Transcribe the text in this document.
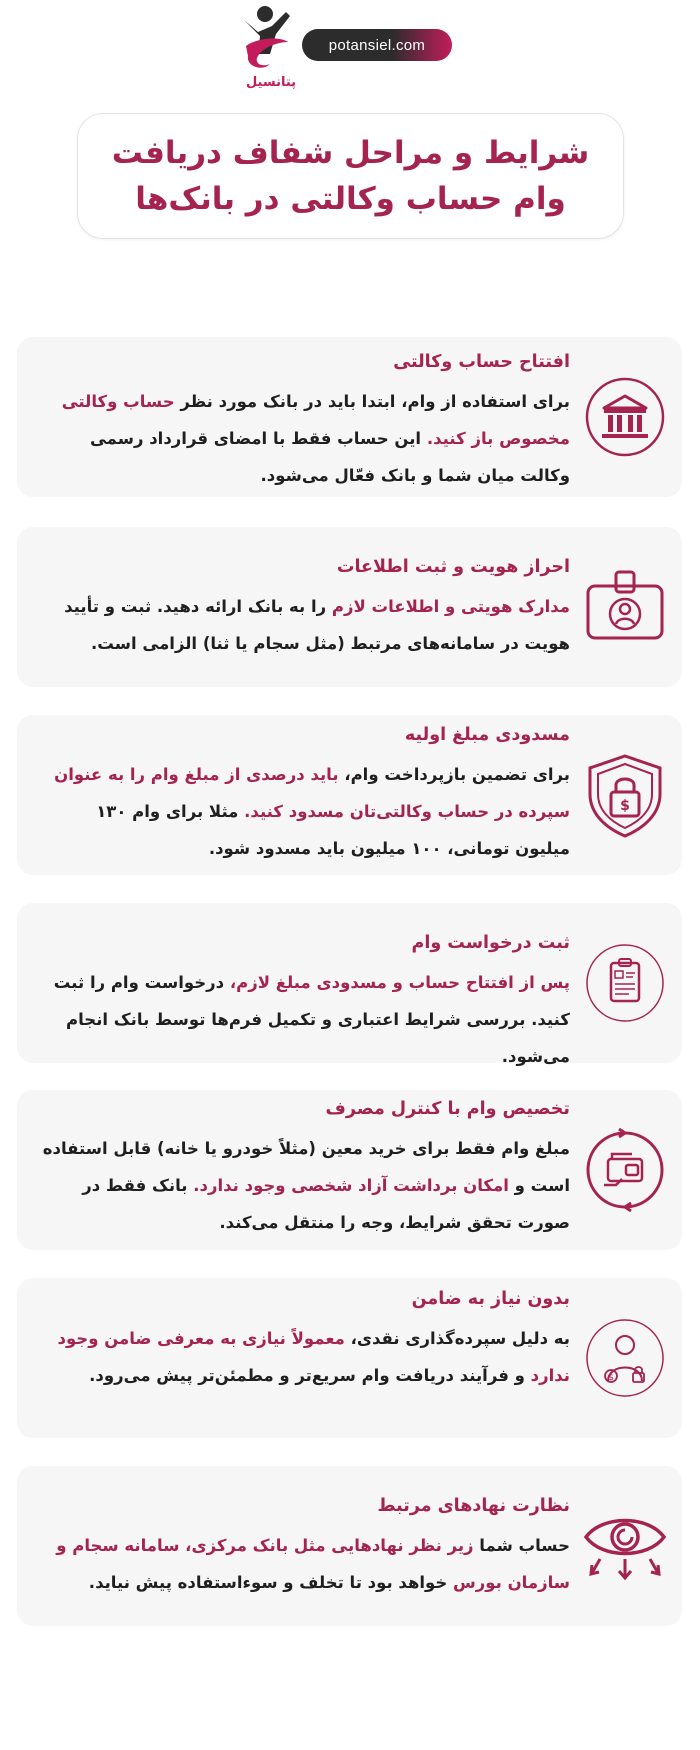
پتانسیل
potansiel.com
شرایط و مراحل شفاف دریافت
وام حساب وکالتی در بانک‌ها
افتتاح حساب وکالتی
برای استفاده از وام، ابتدا باید در بانک مورد نظر حساب وکالتی مخصوص باز کنید. این حساب فقط با امضای قرارداد رسمی وکالت میان شما و بانک فعّال می‌شود.
احراز هویت و ثبت اطلاعات
مدارک هویتی و اطلاعات لازم را به بانک ارائه دهید. ثبت و تأیید هویت در سامانه‌های مرتبط (مثل سجام یا ثنا) الزامی است.
مسدودی مبلغ اولیه
برای تضمین بازپرداخت وام، باید درصدی از مبلغ وام را به عنوان سپرده در حساب وکالتی‌تان مسدود کنید. مثلا برای وام ۱۳۰ میلیون تومانی، ۱۰۰ میلیون باید مسدود شود.
$
ثبت درخواست وام
پس از افتتاح حساب و مسدودی مبلغ لازم، درخواست وام را ثبت کنید. بررسی شرایط اعتباری و تکمیل فرم‌ها توسط بانک انجام می‌شود.
تخصیص وام با کنترل مصرف
مبلغ وام فقط برای خرید معین (مثلاً خودرو یا خانه) قابل استفاده است و امکان برداشت آزاد شخصی وجود ندارد. بانک فقط در صورت تحقق شرایط، وجه را منتقل می‌کند.
بدون نیاز به ضامن
به دلیل سپرده‌گذاری نقدی، معمولاً نیازی به معرفی ضامن وجود ندارد و فرآیند دریافت وام سریع‌تر و مطمئن‌تر پیش می‌رود.	$
نظارت نهادهای مرتبط
حساب شما زیر نظر نهادهایی مثل بانک مرکزی، سامانه سجام و سازمان بورس خواهد بود تا تخلف و سوءاستفاده پیش نیاید.
